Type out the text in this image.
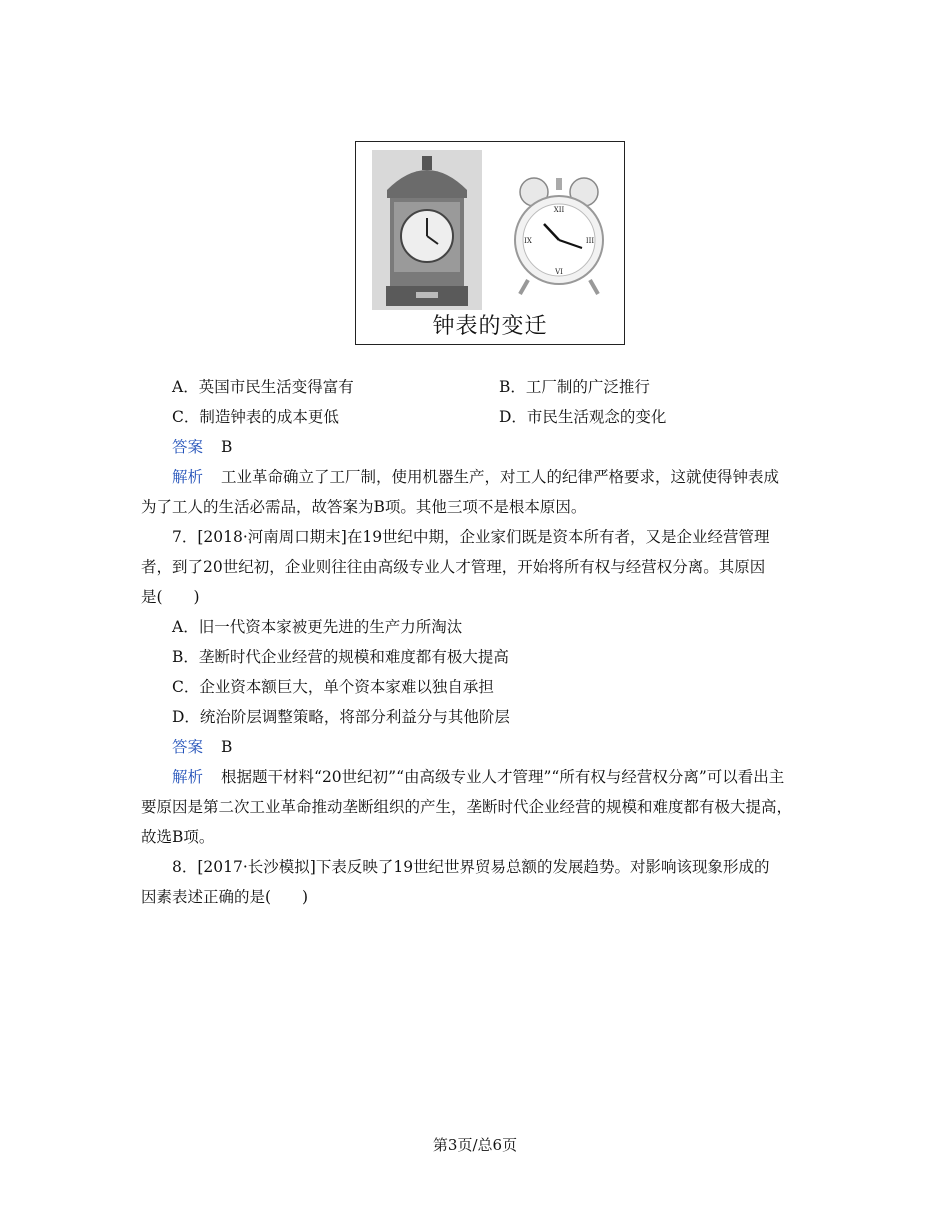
XII
III
VI
IX
钟表的变迁
A．英国市民生活变得富有	B．工厂制的广泛推行
C．制造钟表的成本更低	D．市民生活观念的变化
答案 B
解析 工业革命确立了工厂制，使用机器生产，对工人的纪律严格要求，这就使得钟表成
为了工人的生活必需品，故答案为B项。其他三项不是根本原因。
7．[2018·河南周口期末]在19世纪中期，企业家们既是资本所有者，又是企业经营管理
者，到了20世纪初，企业则往往由高级专业人才管理，开始将所有权与经营权分离。其原因
是(　　)
A．旧一代资本家被更先进的生产力所淘汰
B．垄断时代企业经营的规模和难度都有极大提高
C．企业资本额巨大，单个资本家难以独自承担
D．统治阶层调整策略，将部分利益分与其他阶层
答案 B
解析 根据题干材料“20世纪初”“由高级专业人才管理”“所有权与经营权分离”可以看出主
要原因是第二次工业革命推动垄断组织的产生，垄断时代企业经营的规模和难度都有极大提高，
故选B项。
8．[2017·长沙模拟]下表反映了19世纪世界贸易总额的发展趋势。对影响该现象形成的
因素表述正确的是(　　)
第3页/总6页
